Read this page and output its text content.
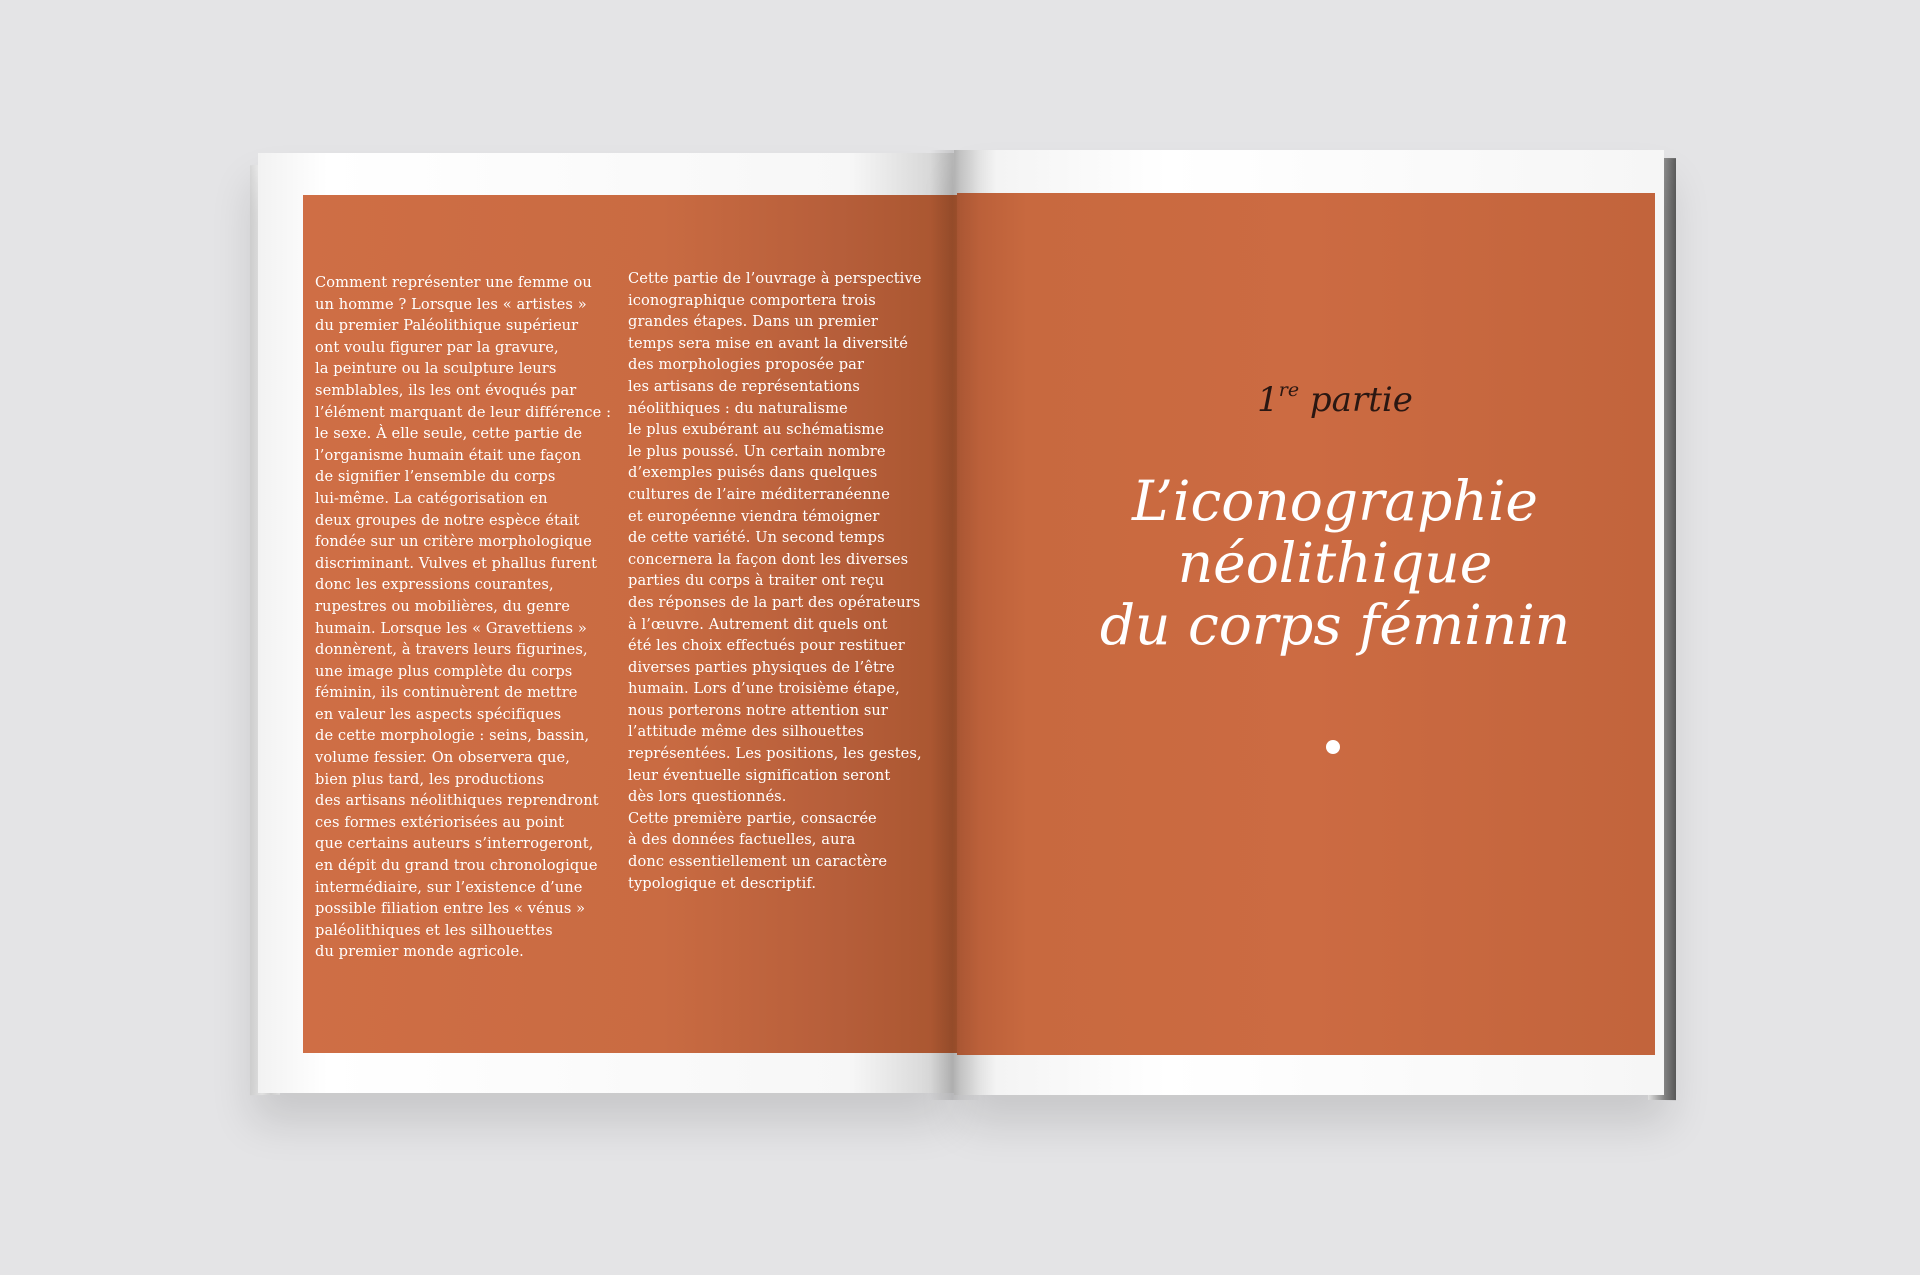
Comment représenter une femme ou
un homme ? Lorsque les « artistes »
du premier Paléolithique supérieur
ont voulu figurer par la gravure,
la peinture ou la sculpture leurs
semblables, ils les ont évoqués par
l’élément marquant de leur différence :
le sexe. À elle seule, cette partie de
l’organisme humain était une façon
de signifier l’ensemble du corps
lui-même. La catégorisation en
deux groupes de notre espèce était
fondée sur un critère morphologique
discriminant. Vulves et phallus furent
donc les expressions courantes,
rupestres ou mobilières, du genre
humain. Lorsque les « Gravettiens »
donnèrent, à travers leurs figurines,
une image plus complète du corps
féminin, ils continuèrent de mettre
en valeur les aspects spécifiques
de cette morphologie : seins, bassin,
volume fessier. On observera que,
bien plus tard, les productions
des artisans néolithiques reprendront
ces formes extériorisées au point
que certains auteurs s’interrogeront,
en dépit du grand trou chronologique
intermédiaire, sur l’existence d’une
possible filiation entre les « vénus »
paléolithiques et les silhouettes
du premier monde agricole.
Cette partie de l’ouvrage à perspective
iconographique comportera trois
grandes étapes. Dans un premier
temps sera mise en avant la diversité
des morphologies proposée par
les artisans de représentations
néolithiques : du naturalisme
le plus exubérant au schématisme
le plus poussé. Un certain nombre
d’exemples puisés dans quelques
cultures de l’aire méditerranéenne
et européenne viendra témoigner
de cette variété. Un second temps
concernera la façon dont les diverses
parties du corps à traiter ont reçu
des réponses de la part des opérateurs
à l’œuvre. Autrement dit quels ont
été les choix effectués pour restituer
diverses parties physiques de l’être
humain. Lors d’une troisième étape,
nous porterons notre attention sur
l’attitude même des silhouettes
représentées. Les positions, les gestes,
leur éventuelle signification seront
dès lors questionnés.
Cette première partie, consacrée
à des données factuelles, aura
donc essentiellement un caractère
typologique et descriptif.
1re partie
L’iconographie
néolithique
du corps féminin
